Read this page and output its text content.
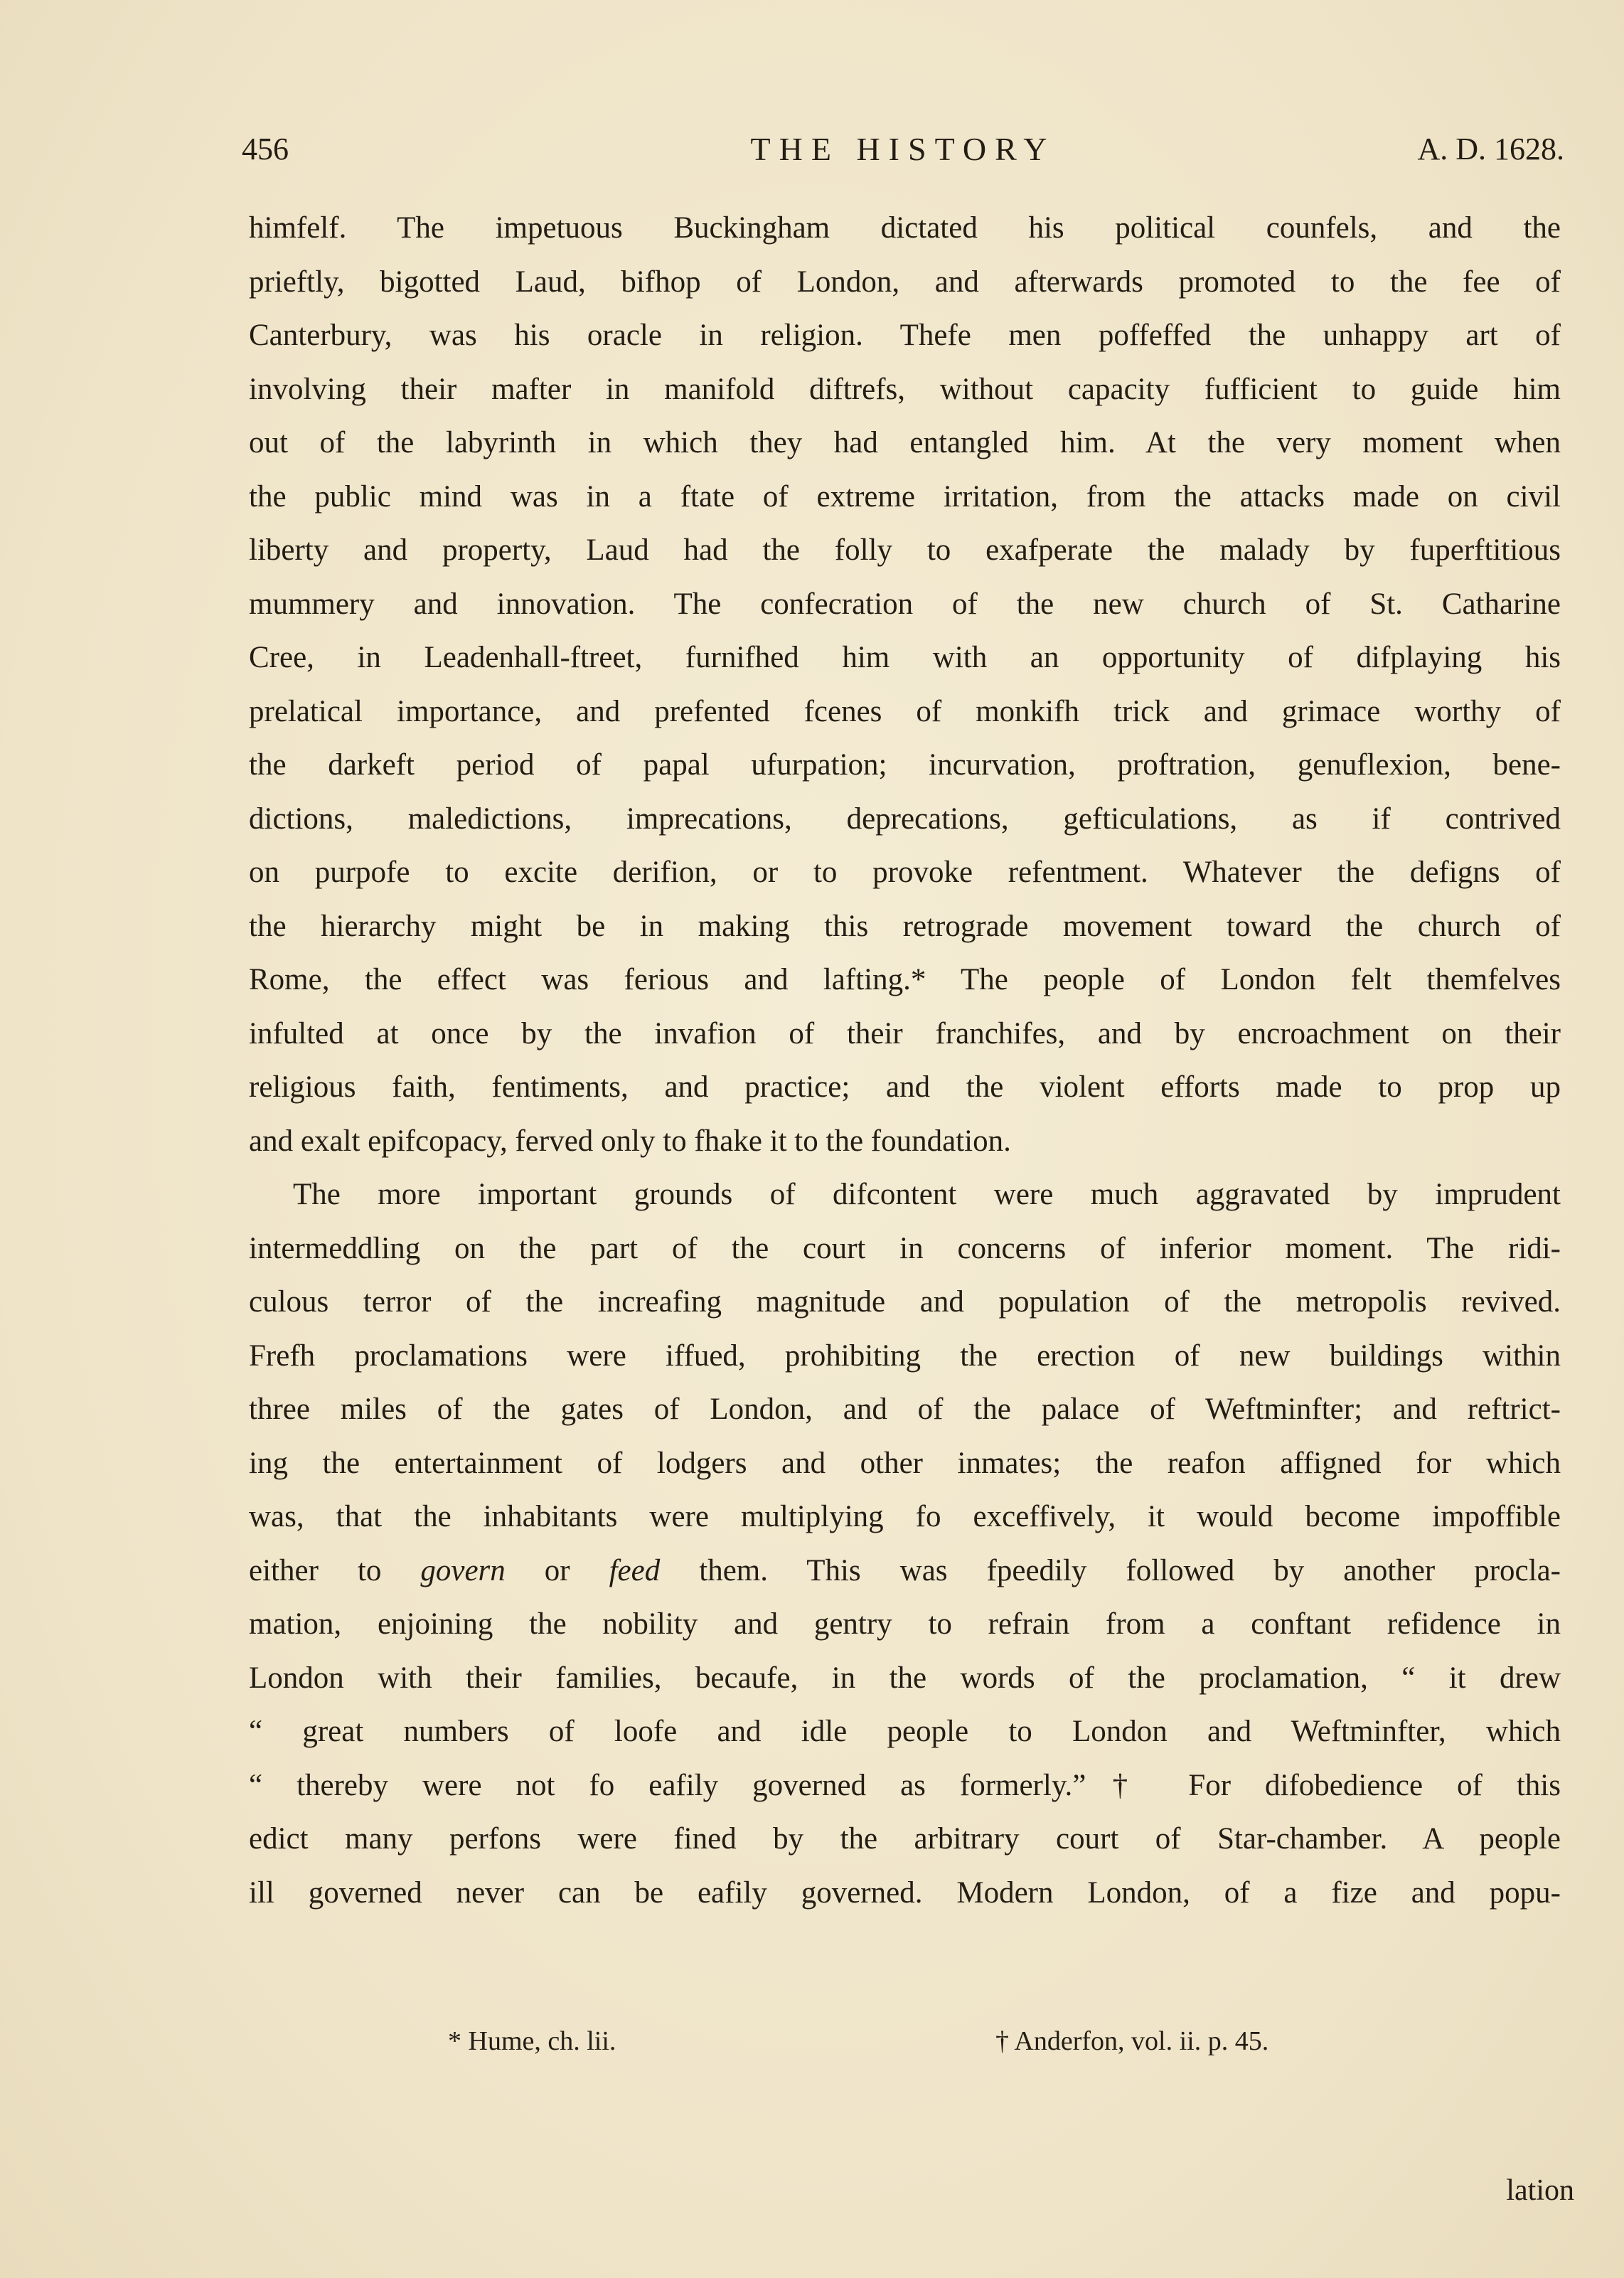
456	THE HISTORY	A. D. 1628.
himfelf. The impetuous Buckingham dictated his political counfels, and the
prieftly, bigotted Laud, bifhop of London, and afterwards promoted to the fee of
Canterbury, was his oracle in religion. Thefe men poffeffed the unhappy art of
involving their mafter in manifold diftrefs, without capacity fufficient to guide him
out of the labyrinth in which they had entangled him. At the very moment when
the public mind was in a ftate of extreme irritation, from the attacks made on civil
liberty and property, Laud had the folly to exafperate the malady by fuperftitious
mummery and innovation. The confecration of the new church of St. Catharine
Cree, in Leadenhall-ftreet, furnifhed him with an opportunity of difplaying his
prelatical importance, and prefented fcenes of monkifh trick and grimace worthy of
the darkeft period of papal ufurpation; incurvation, proftration, genuflexion, bene-
dictions, maledictions, imprecations, deprecations, gefticulations, as if contrived
on purpofe to excite derifion, or to provoke refentment. Whatever the defigns of
the hierarchy might be in making this retrograde movement toward the church of
Rome, the effect was ferious and lafting.* The people of London felt themfelves
infulted at once by the invafion of their franchifes, and by encroachment on their
religious faith, fentiments, and practice; and the violent efforts made to prop up
and exalt epifcopacy, ferved only to fhake it to the foundation.
The more important grounds of difcontent were much aggravated by imprudent
intermeddling on the part of the court in concerns of inferior moment. The ridi-
culous terror of the increafing magnitude and population of the metropolis revived.
Frefh proclamations were iffued, prohibiting the erection of new buildings within
three miles of the gates of London, and of the palace of Weftminfter; and reftrict-
ing the entertainment of lodgers and other inmates; the reafon affigned for which
was, that the inhabitants were multiplying fo exceffively, it would become impoffible
either to govern or feed them. This was fpeedily followed by another procla-
mation, enjoining the nobility and gentry to refrain from a conftant refidence in
London with their families, becaufe, in the words of the proclamation, “ it drew
“ great numbers of loofe and idle people to London and Weftminfter, which
“ thereby were not fo eafily governed as formerly.”† For difobedience of this
edict many perfons were fined by the arbitrary court of Star-chamber. A people
ill governed never can be eafily governed. Modern London, of a fize and popu-
* Hume, ch. lii.	† Anderfon, vol. ii. p. 45.
lation
